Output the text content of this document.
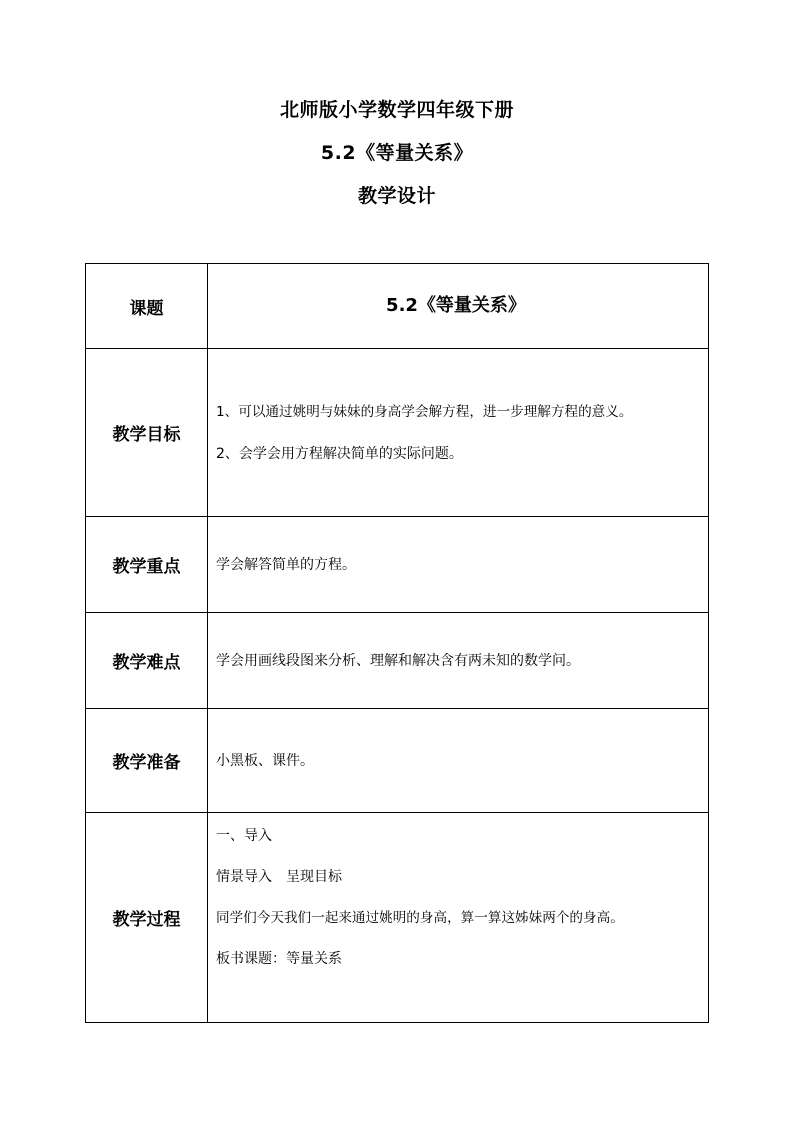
北师版小学数学四年级下册
5.2《等量关系》
教学设计
课题	5.2《等量关系》
教学目标	1、可以通过姚明与妹妹的身高学会解方程，进一步理解方程的意义。

2、会学会用方程解决简单的实际问题。

教学重点	学会解答简单的方程。

教学难点	学会用画线段图来分析、理解和解决含有两未知的数学问。

教学准备	小黑板、课件。

教学过程	一、导入

情景导入　呈现目标

同学们今天我们一起来通过姚明的身高，算一算这姊妹两个的身高。

板书课题：等量关系
